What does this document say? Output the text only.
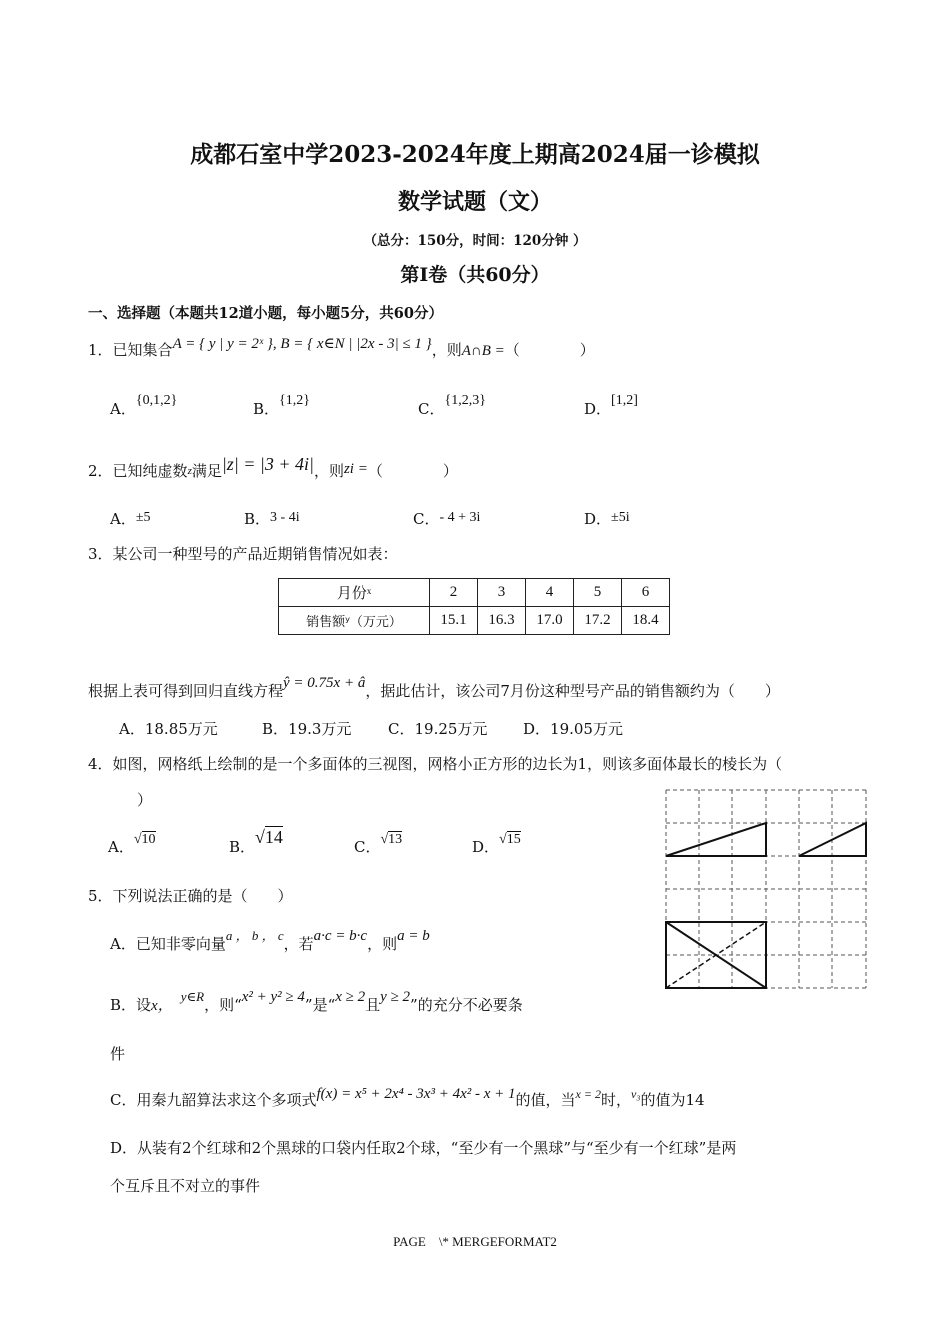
成都石室中学2023-2024年度上期高2024届一诊模拟
数学试题（文）
（总分：150分，时间：120分钟 ）
第Ⅰ卷（共60分）
一、选择题（本题共12道小题，每小题5分，共60分）
1．已知集合A = { y | y = 2ˣ }, B = { x∈N | |2x - 3| ≤ 1 }，则A∩B =（　　　　）
A．{0,1,2}	B．{1,2}	C．{1,2,3}	D．[1,2]
2．已知纯虚数z满足|z| = |3 + 4i|，则zi =（　　　　）
A．±5	B．3 - 4i	C．- 4 + 3i	D．±5i
3．某公司一种型号的产品近期销售情况如表：
月份ˣ	2	3	4	5	6
销售额ʸ（万元）	15.1	16.3	17.0	17.2	18.4
根据上表可得到回归直线方程ŷ = 0.75x + â，据此估计，该公司7月份这种型号产品的销售额约为（　　）
A．18.85万元	B．19.3万元 C．19.25万元 D．19.05万元
4．如图，网格纸上绘制的是一个多面体的三视图，网格小正方形的边长为1，则该多面体最长的棱长为（
）
A．√10	B．√14	C．√13	D．√15
5．下列说法正确的是（　　）
A．已知非零向量a ， b ， c，若a·c = b·c，则a = b
B．设x，y∈R，则“x² + y² ≥ 4”是“x ≥ 2且y ≥ 2”的充分不必要条
件
C．用秦九韶算法求这个多项式f(x) = x⁵ + 2x⁴ - 3x³ + 4x² - x + 1的值，当$^{x = 2}$时，$^{v_3}$的值为14
D．从装有2个红球和2个黑球的口袋内任取2个球，“至少有一个黑球”与“至少有一个红球”是两
个互斥且不对立的事件
PAGE　\* MERGEFORMAT2
